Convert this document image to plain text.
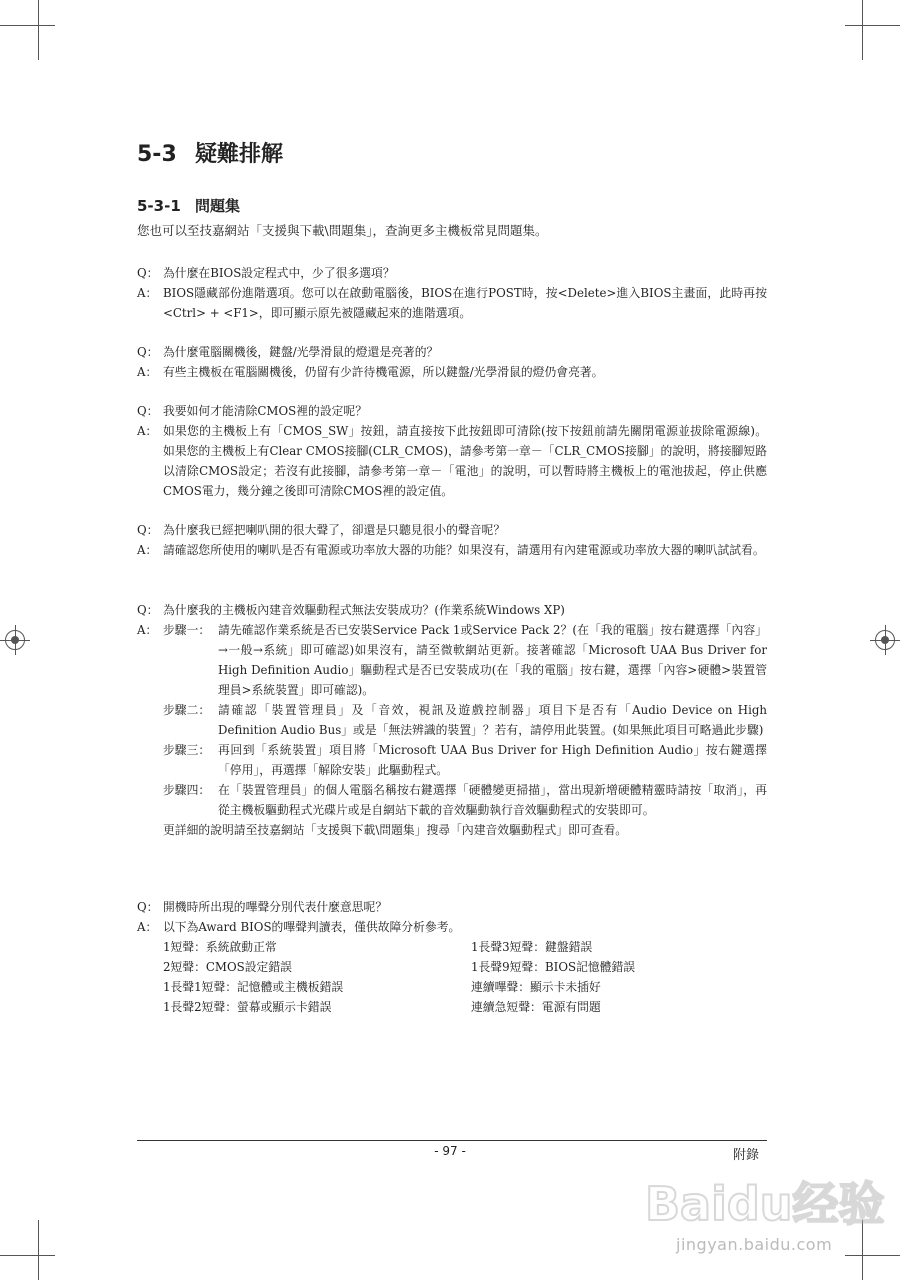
5-3 疑難排解
5-3-1 問題集
您也可以至技嘉網站「支援與下載\問題集」，查詢更多主機板常見問題集。
Q： 為什麼在BIOS設定程式中，少了很多選項？
A： BIOS隱藏部份進階選項。您可以在啟動電腦後，BIOS在進行POST時，按<Delete>進入BIOS主畫面，此時再按<Ctrl> + <F1>，即可顯示原先被隱藏起來的進階選項。
Q： 為什麼電腦關機後，鍵盤/光學滑鼠的燈還是亮著的？
A： 有些主機板在電腦關機後，仍留有少許待機電源，所以鍵盤/光學滑鼠的燈仍會亮著。
Q： 我要如何才能清除CMOS裡的設定呢？
A： 如果您的主機板上有「CMOS_SW」按鈕，請直接按下此按鈕即可清除(按下按鈕前請先關閉電源並拔除電源線)。如果您的主機板上有Clear CMOS接腳(CLR_CMOS)，請參考第一章－「CLR_CMOS接腳」的說明，將接腳短路以清除CMOS設定；若沒有此接腳，請參考第一章－「電池」的說明，可以暫時將主機板上的電池拔起，停止供應CMOS電力，幾分鐘之後即可清除CMOS裡的設定值。
Q： 為什麼我已經把喇叭開的很大聲了，卻還是只聽見很小的聲音呢？
A： 請確認您所使用的喇叭是否有電源或功率放大器的功能？如果沒有，請選用有內建電源或功率放大器的喇叭試試看。
Q： 為什麼我的主機板內建音效驅動程式無法安裝成功？(作業系統Windows XP)
A： 步驟一： 請先確認作業系統是否已安裝Service Pack 1或Service Pack 2？(在「我的電腦」按右鍵選擇「內容」→一般→系統」即可確認)如果沒有，請至微軟網站更新。接著確認「Microsoft UAA Bus Driver for High Definition Audio」驅動程式是否已安裝成功(在「我的電腦」按右鍵，選擇「內容>硬體>裝置管理員>系統裝置」即可確認)。
步驟二： 請確認「裝置管理員」及「音效，視訊及遊戲控制器」項目下是否有「Audio Device on High Definition Audio Bus」或是「無法辨識的裝置」？若有，請停用此裝置。(如果無此項目可略過此步驟)
步驟三： 再回到「系統裝置」項目將「Microsoft UAA Bus Driver for High Definition Audio」按右鍵選擇「停用」，再選擇「解除安裝」此驅動程式。
步驟四： 在「裝置管理員」的個人電腦名稱按右鍵選擇「硬體變更掃描」，當出現新增硬體精靈時請按「取消」，再從主機板驅動程式光碟片或是自網站下載的音效驅動執行音效驅動程式的安裝即可。
更詳細的說明請至技嘉網站「支援與下載\問題集」搜尋「內建音效驅動程式」即可查看。
Q： 開機時所出現的嗶聲分別代表什麼意思呢？
A： 以下為Award BIOS的嗶聲判讀表，僅供故障分析參考。
1短聲：系統啟動正常	1長聲3短聲：鍵盤錯誤
2短聲：CMOS設定錯誤	1長聲9短聲：BIOS記憶體錯誤
1長聲1短聲：記憶體或主機板錯誤	連續嗶聲：顯示卡未插好
1長聲2短聲：螢幕或顯示卡錯誤	連續急短聲：電源有問題
- 97 -	附錄
Baidu经验
jingyan.baidu.com
